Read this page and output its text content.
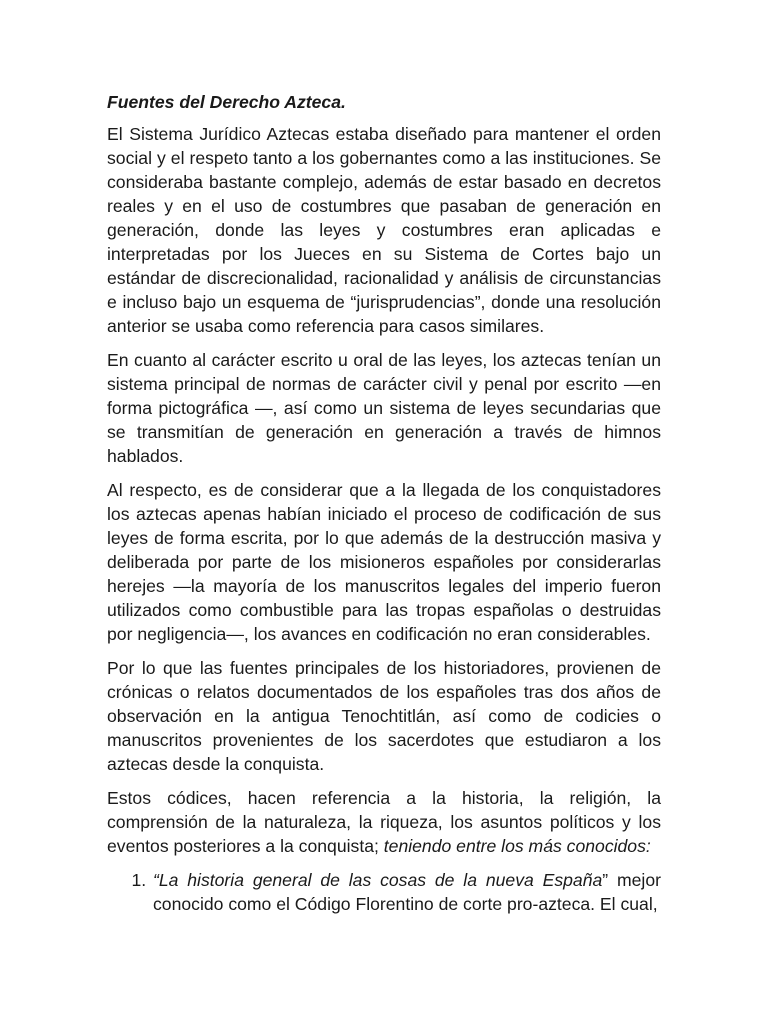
Fuentes del Derecho Azteca.

El Sistema Jurídico Aztecas estaba diseñado para mantener el orden social y el respeto tanto a los gobernantes como a las instituciones. Se consideraba bastante complejo, además de estar basado en decretos reales y en el uso de costumbres que pasaban de generación en generación, donde las leyes y costumbres eran aplicadas e interpretadas por los Jueces en su Sistema de Cortes bajo un estándar de discrecionalidad, racionalidad y análisis de circunstancias e incluso bajo un esquema de “jurisprudencias”, donde una resolución anterior se usaba como referencia para casos similares.

En cuanto al carácter escrito u oral de las leyes, los aztecas tenían un sistema principal de normas de carácter civil y penal por escrito —en forma pictográfica —, así como un sistema de leyes secundarias que se transmitían de generación en generación a través de himnos hablados.

Al respecto, es de considerar que a la llegada de los conquistadores los aztecas apenas habían iniciado el proceso de codificación de sus leyes de forma escrita, por lo que además de la destrucción masiva y deliberada por parte de los misioneros españoles por considerarlas herejes —la mayoría de los manuscritos legales del imperio fueron utilizados como combustible para las tropas españolas o destruidas por negligencia—, los avances en codificación no eran considerables.

Por lo que las fuentes principales de los historiadores, provienen de crónicas o relatos documentados de los españoles tras dos años de observación en la antigua Tenochtitlán, así como de codicies o manuscritos provenientes de los sacerdotes que estudiaron a los aztecas desde la conquista.

Estos códices, hacen referencia a la historia, la religión, la comprensión de la naturaleza, la riqueza, los asuntos políticos y los eventos posteriores a la conquista; teniendo entre los más conocidos:

1. “La historia general de las cosas de la nueva España” mejor conocido como el Código Florentino de corte pro-azteca. El cual,
